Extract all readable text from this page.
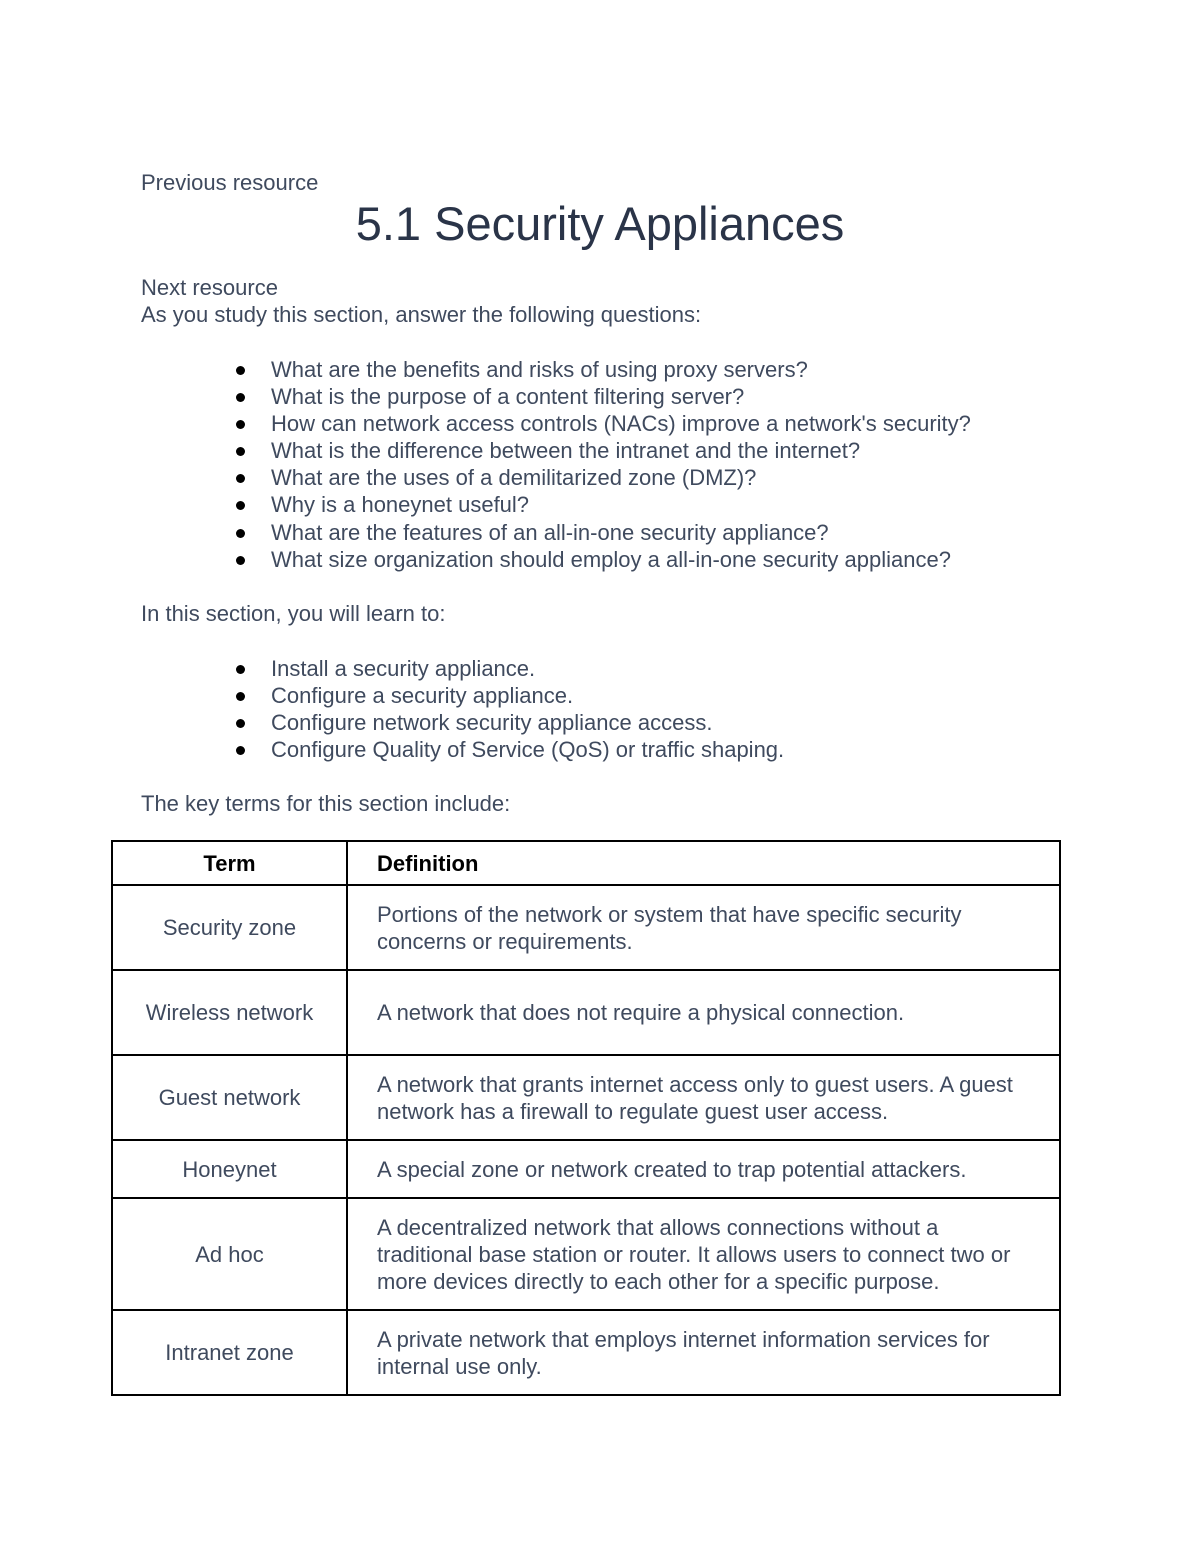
Previous resource
5.1 Security Appliances
Next resource
As you study this section, answer the following questions:
What are the benefits and risks of using proxy servers?
What is the purpose of a content filtering server?
How can network access controls (NACs) improve a network's security?
What is the difference between the intranet and the internet?
What are the uses of a demilitarized zone (DMZ)?
Why is a honeynet useful?
What are the features of an all-in-one security appliance?
What size organization should employ a all-in-one security appliance?
In this section, you will learn to:
Install a security appliance.
Configure a security appliance.
Configure network security appliance access.
Configure Quality of Service (QoS) or traffic shaping.
The key terms for this section include:
Term	Definition
Security zone	Portions of the network or system that have specific security concerns or requirements.
Wireless network	A network that does not require a physical connection.
Guest network	A network that grants internet access only to guest users. A guest network has a firewall to regulate guest user access.
Honeynet	A special zone or network created to trap potential attackers.
Ad hoc	A decentralized network that allows connections without a traditional base station or router. It allows users to connect two or more devices directly to each other for a specific purpose.
Intranet zone	A private network that employs internet information services for internal use only.
